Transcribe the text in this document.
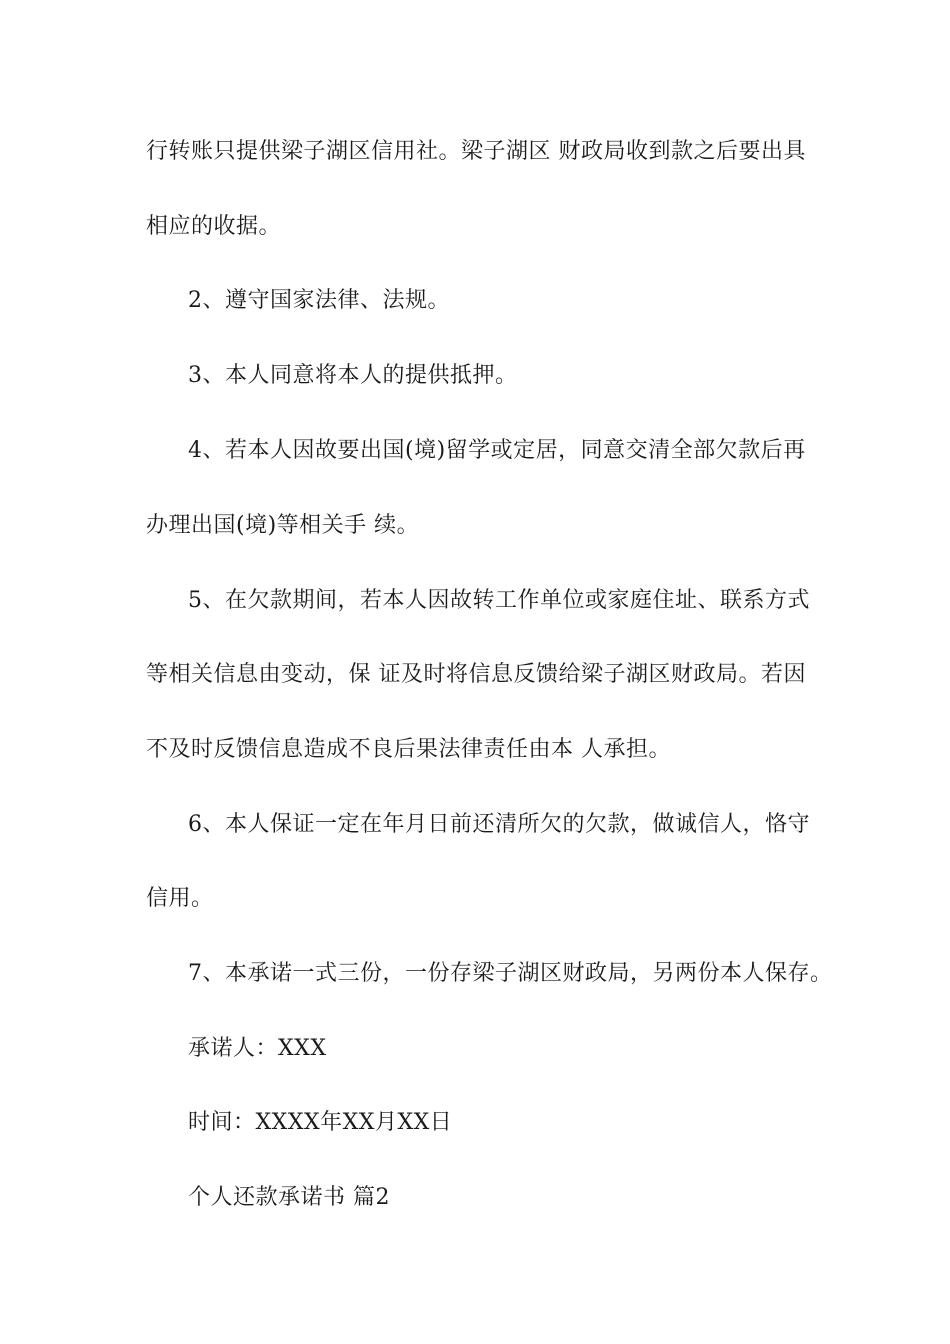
行转账只提供梁子湖区信用社。梁子湖区 财政局收到款之后要出具
相应的收据。
2、遵守国家法律、法规。
3、本人同意将本人的提供抵押。
4、若本人因故要出国(境)留学或定居，同意交清全部欠款后再
办理出国(境)等相关手 续。
5、在欠款期间，若本人因故转工作单位或家庭住址、联系方式
等相关信息由变动，保 证及时将信息反馈给梁子湖区财政局。若因
不及时反馈信息造成不良后果法律责任由本 人承担。
6、本人保证一定在年月日前还清所欠的欠款，做诚信人，恪守
信用。
7、本承诺一式三份，一份存梁子湖区财政局，另两份本人保存。
承诺人：XXX
时间：XXXX年XX月XX日
个人还款承诺书 篇2
